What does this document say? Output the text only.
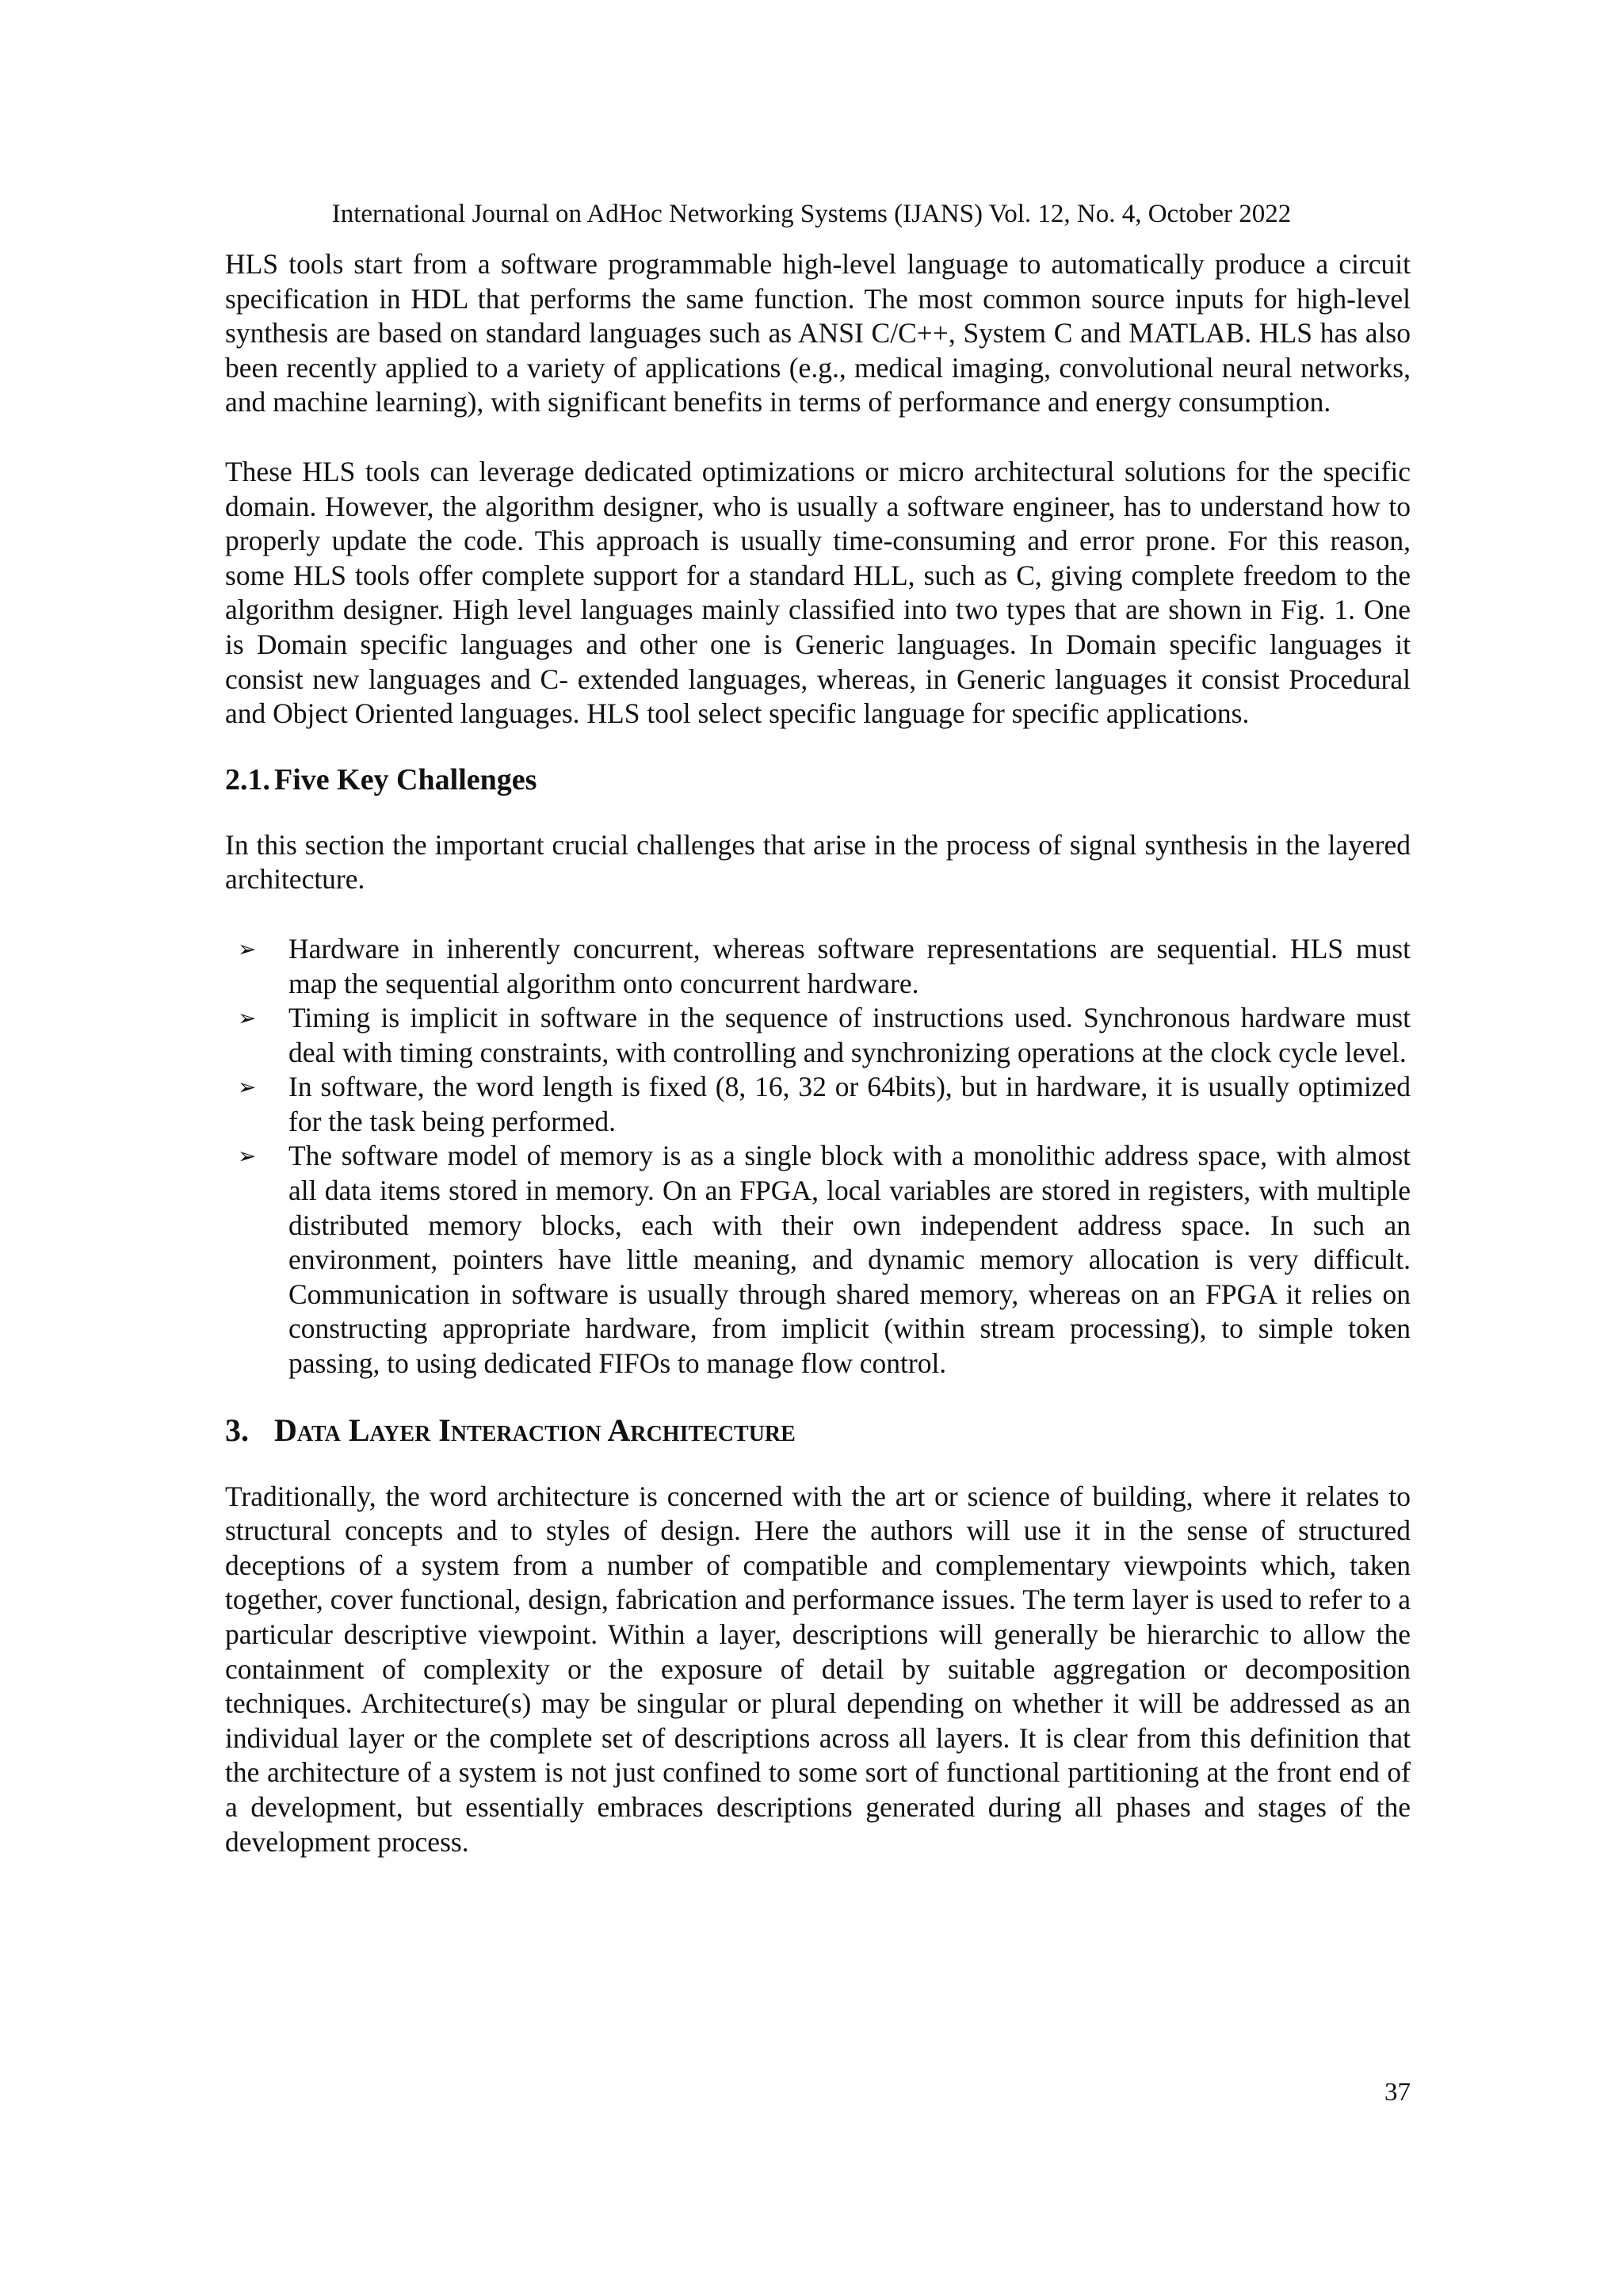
International Journal on AdHoc Networking Systems (IJANS) Vol. 12, No. 4, October 2022

HLS tools start from a software programmable high-level language to automatically produce a circuit specification in HDL that performs the same function. The most common source inputs for high-level synthesis are based on standard languages such as ANSI C/C++, System C and MATLAB. HLS has also been recently applied to a variety of applications (e.g., medical imaging, convolutional neural networks, and machine learning), with significant benefits in terms of performance and energy consumption.

These HLS tools can leverage dedicated optimizations or micro architectural solutions for the specific domain. However, the algorithm designer, who is usually a software engineer, has to understand how to properly update the code. This approach is usually time-consuming and error prone. For this reason, some HLS tools offer complete support for a standard HLL, such as C, giving complete freedom to the algorithm designer. High level languages mainly classified into two types that are shown in Fig. 1. One is Domain specific languages and other one is Generic languages. In Domain specific languages it consist new languages and C- extended languages, whereas, in Generic languages it consist Procedural and Object Oriented languages. HLS tool select specific language for specific applications.

2.1. Five Key Challenges

In this section the important crucial challenges that arise in the process of signal synthesis in the layered architecture.

➢ Hardware in inherently concurrent, whereas software representations are sequential. HLS must map the sequential algorithm onto concurrent hardware.
➢ Timing is implicit in software in the sequence of instructions used. Synchronous hardware must deal with timing constraints, with controlling and synchronizing operations at the clock cycle level.
➢ In software, the word length is fixed (8, 16, 32 or 64bits), but in hardware, it is usually optimized for the task being performed.
➢ The software model of memory is as a single block with a monolithic address space, with almost all data items stored in memory. On an FPGA, local variables are stored in registers, with multiple distributed memory blocks, each with their own independent address space. In such an environment, pointers have little meaning, and dynamic memory allocation is very difficult. Communication in software is usually through shared memory, whereas on an FPGA it relies on constructing appropriate hardware, from implicit (within stream processing), to simple token passing, to using dedicated FIFOs to manage flow control.
3. Data Layer Interaction Architecture

Traditionally, the word architecture is concerned with the art or science of building, where it relates to structural concepts and to styles of design. Here the authors will use it in the sense of structured deceptions of a system from a number of compatible and complementary viewpoints which, taken together, cover functional, design, fabrication and performance issues. The term layer is used to refer to a particular descriptive viewpoint. Within a layer, descriptions will generally be hierarchic to allow the containment of complexity or the exposure of detail by suitable aggregation or decomposition techniques. Architecture(s) may be singular or plural depending on whether it will be addressed as an individual layer or the complete set of descriptions across all layers. It is clear from this definition that the architecture of a system is not just confined to some sort of functional partitioning at the front end of a development, but essentially embraces descriptions generated during all phases and stages of the development process.

37
